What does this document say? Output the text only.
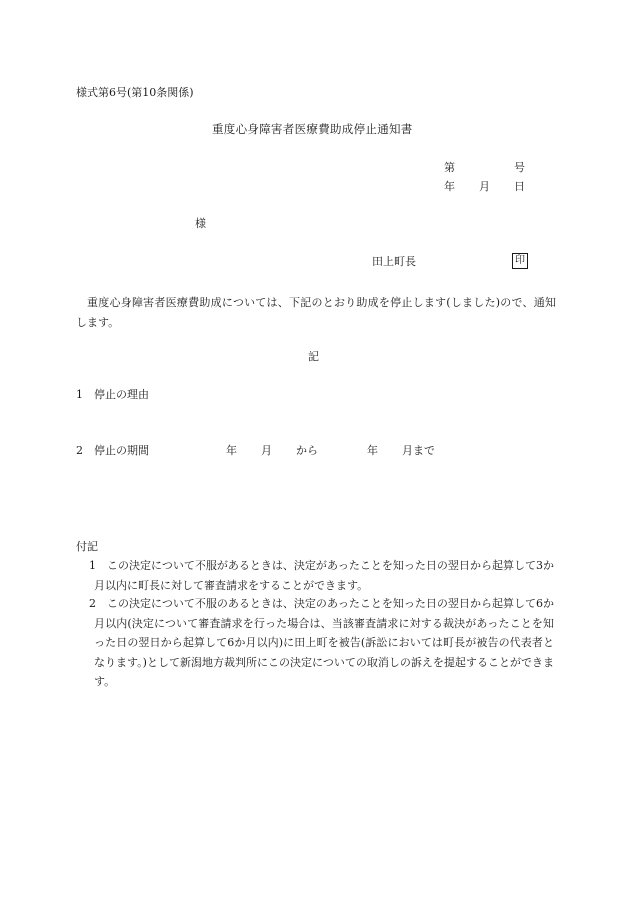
様式第6号(第10条関係)
重度心身障害者医療費助成停止通知書
第	号
年 月 日
様
田上町長	印
重度心身障害者医療費助成については、下記のとおり助成を停止します(しました)ので、通知します。
記
1　停止の理由
2　停止の期間	年 月 から	年 月まで
付記
1	この決定について不服があるときは、決定があったことを知った日の翌日から起算して3か月以内に町長に対して審査請求をすることができます。
2	この決定について不服のあるときは、決定のあったことを知った日の翌日から起算して6か月以内(決定について審査請求を行った場合は、当該審査請求に対する裁決があったことを知った日の翌日から起算して6か月以内)に田上町を被告(訴訟においては町長が被告の代表者となります。)として新潟地方裁判所にこの決定についての取消しの訴えを提起することができます。
